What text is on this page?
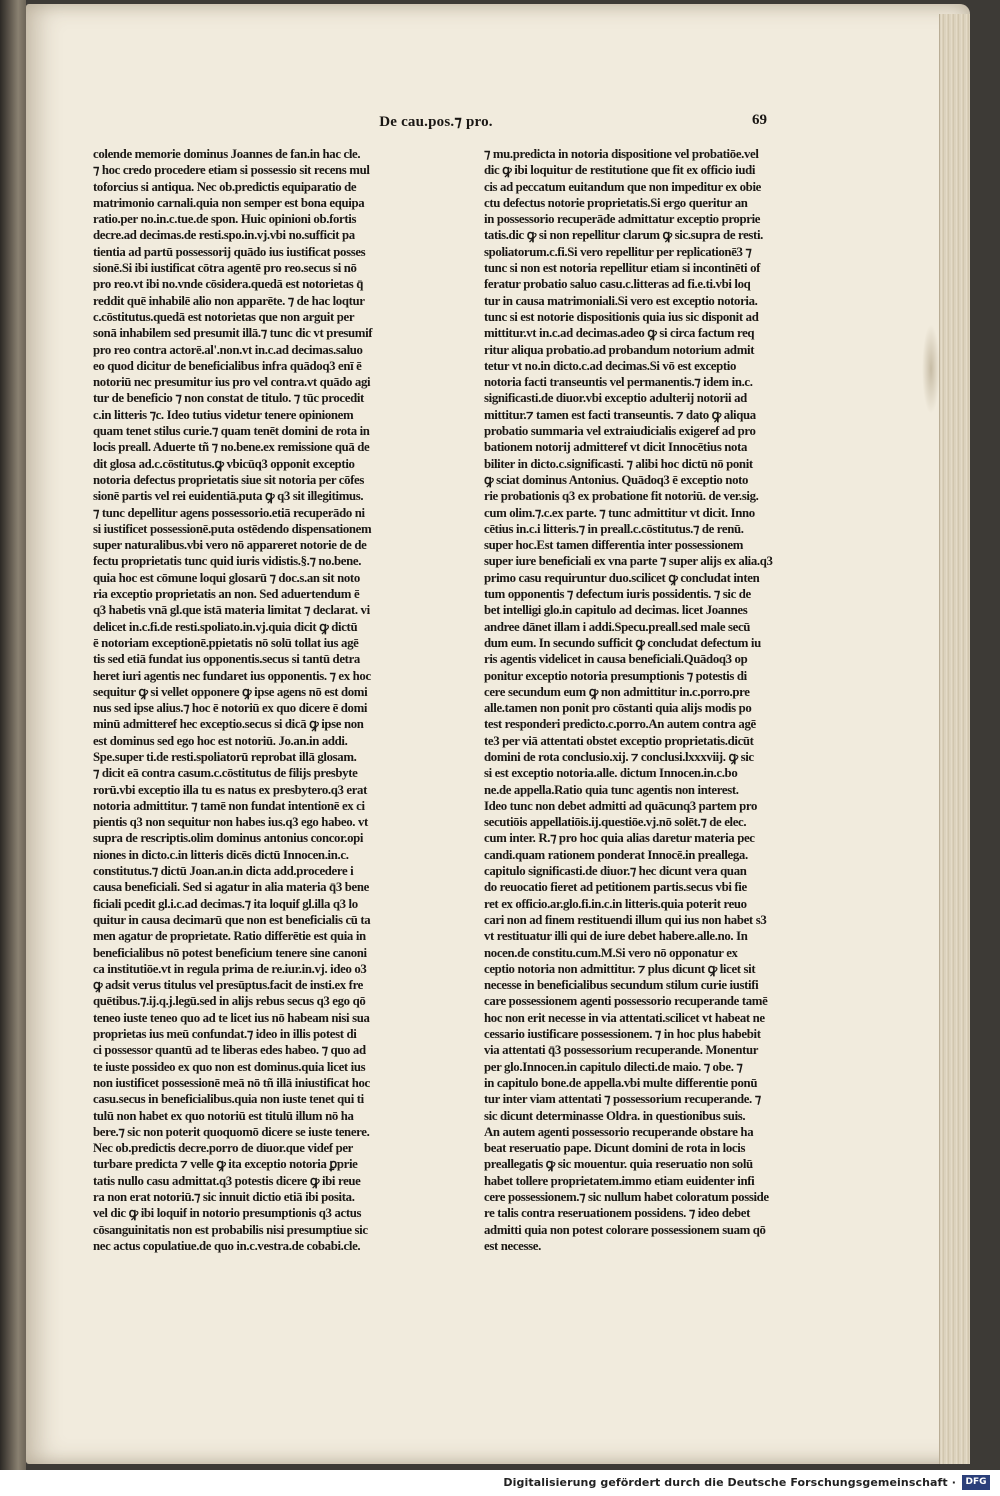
De cau.pos.⁊ pro.	69
colende memorie dominus Joannes de fan.in hac cle.
⁊ hoc credo procedere etiam si possessio sit recens mul
toforcius si antiqua. Nec ob.predictis equiparatio de
matrimonio carnali.quia non semper est bona equipa
ratio.per no.in.c.tue.de spon. Huic opinioni ob.fortis
decre.ad decimas.de resti.spo.in.vj.vbi no.sufficit pa
tientia ad partū possessorij quādo ius iustificat posses
sionē.Si ibi iustificat cōtra agentē pro reo.secus si nō
pro reo.vt ibi no.vnde cōsidera.quedā est notorietas q̄
reddit quē inhabilē alio non apparēte. ⁊ de hac loqtur
c.cōstitutus.quedā est notorietas que non arguit per
sonā inhabilem sed presumit illā.⁊ tunc dic vt presumif
pro reo contra actorē.al'.non.vt in.c.ad decimas.saluo
eo quod dicitur de beneficialibus infra quādoq3 enī ē
notoriū nec presumitur ius pro vel contra.vt quādo agi
tur de beneficio ⁊ non constat de titulo. ⁊ tūc procedit
c.in litteris ⁊c. Ideo tutius videtur tenere opinionem
quam tenet stilus curie.⁊ quam tenēt domini de rota in
locis preall. Aduerte tñ ⁊ no.bene.ex remissione quā de
dit glosa ad.c.cōstitutus.ꝙ vbicūq3 opponit exceptio
notoria defectus proprietatis siue sit notoria per cōfes
sionē partis vel rei euidentiā.puta ꝙ q3 sit illegitimus.
⁊ tunc depellitur agens possessorio.etiā recuperādo ni
si iustificet possessionē.puta ostēdendo dispensationem
super naturalibus.vbi vero nō appareret notorie de de
fectu proprietatis tunc quid iuris vidistis.§.⁊ no.bene.
quia hoc est cōmune loqui glosarū ⁊ doc.s.an sit noto
ria exceptio proprietatis an non. Sed aduertendum ē
q3 habetis vnā gl.que istā materia limitat ⁊ declarat. vi
delicet in.c.fi.de resti.spoliato.in.vj.quia dicit ꝙ dictū
ē notoriam exceptionē.ppietatis nō solū tollat ius agē
tis sed etiā fundat ius opponentis.secus si tantū detra
heret iuri agentis nec fundaret ius opponentis. ⁊ ex hoc
sequitur ꝙ si vellet opponere ꝙ ipse agens nō est domi
nus sed ipse alius.⁊ hoc ē notoriū ex quo dicere ē domi
minū admitteref hec exceptio.secus si dicā ꝙ ipse non
est dominus sed ego hoc est notoriū. Jo.an.in addi.
Spe.super ti.de resti.spoliatorū reprobat illā glosam.
⁊ dicit eā contra casum.c.cōstitutus de filijs presbyte
rorū.vbi exceptio illa tu es natus ex presbytero.q3 erat
notoria admittitur. ⁊ tamē non fundat intentionē ex ci
pientis q3 non sequitur non habes ius.q3 ego habeo. vt
supra de rescriptis.olim dominus antonius concor.opi
niones in dicto.c.in litteris dicēs dictū Innocen.in.c.
constitutus.⁊ dictū Joan.an.in dicta add.procedere i
causa beneficiali. Sed si agatur in alia materia q̄3 bene
ficiali pcedit gl.i.c.ad decimas.⁊ ita loquif gl.illa q3 lo
quitur in causa decimarū que non est beneficialis cū ta
men agatur de proprietate. Ratio differētie est quia in
beneficialibus nō potest beneficium tenere sine canoni
ca institutiōe.vt in regula prima de re.iur.in.vj. ideo o3
ꝙ adsit verus titulus vel presūptus.facit de insti.ex fre
quētibus.⁊.ij.q.j.legū.sed in alijs rebus secus q3 ego qō
teneo iuste teneo quo ad te licet ius nō habeam nisi sua
proprietas ius meū confundat.⁊ ideo in illis potest di
ci possessor quantū ad te liberas edes habeo. ⁊ quo ad
te iuste possideo ex quo non est dominus.quia licet ius
non iustificet possessionē meā nō tñ illā iniustificat hoc
casu.secus in beneficialibus.quia non iuste tenet qui ti
tulū non habet ex quo notoriū est titulū illum nō ha
bere.⁊ sic non poterit quoquomō dicere se iuste tenere.
Nec ob.predictis decre.porro de diuor.que videf per
turbare predicta ⁊ velle ꝙ ita exceptio notoria ꝑprie
tatis nullo casu admittat.q3 potestis dicere ꝙ ibi reue
ra non erat notoriū.⁊ sic innuit dictio etiā ibi posita.
vel dic ꝙ ibi loquif in notorio presumptionis q3 actus
cōsanguinitatis non est probabilis nisi presumptiue sic
nec actus copulatiue.de quo in.c.vestra.de cobabi.cle.
⁊ mu.predicta in notoria dispositione vel probatiōe.vel
dic ꝙ ibi loquitur de restitutione que fit ex officio iudi
cis ad peccatum euitandum que non impeditur ex obie
ctu defectus notorie proprietatis.Si ergo queritur an
in possessorio recuperāde admittatur exceptio proprie
tatis.dic ꝙ si non repellitur clarum ꝙ sic.supra de resti.
spoliatorum.c.fi.Si vero repellitur per replicationē3 ⁊
tunc si non est notoria repellitur etiam si incontinēti of
feratur probatio saluo casu.c.litteras ad fi.e.ti.vbi loq
tur in causa matrimoniali.Si vero est exceptio notoria.
tunc si est notorie dispositionis quia ius sic disponit ad
mittitur.vt in.c.ad decimas.adeo ꝙ si circa factum req
ritur aliqua probatio.ad probandum notorium admit
tetur vt no.in dicto.c.ad decimas.Si vō est exceptio
notoria facti transeuntis vel permanentis.⁊ idem in.c.
significasti.de diuor.vbi exceptio adulterij notorii ad
mittitur.⁊ tamen est facti transeuntis. ⁊ dato ꝙ aliqua
probatio summaria vel extraiudicialis exigeref ad pro
bationem notorij admitteref vt dicit Innocētius nota
biliter in dicto.c.significasti. ⁊ alibi hoc dictū nō ponit
ꝙ sciat dominus Antonius. Quādoq3 ē exceptio noto
rie probationis q3 ex probatione fit notoriū. de ver.sig.
cum olim.⁊.c.ex parte. ⁊ tunc admittitur vt dicit. Inno
cētius in.c.i litteris.⁊ in preall.c.cōstitutus.⁊ de renū.
super hoc.Est tamen differentia inter possessionem
super iure beneficiali ex vna parte ⁊ super alijs ex alia.q3
primo casu requiruntur duo.scilicet ꝙ concludat inten
tum opponentis ⁊ defectum iuris possidentis. ⁊ sic de
bet intelligi glo.in capitulo ad decimas. licet Joannes
andree dānet illam i addi.Specu.preall.sed male secū
dum eum. In secundo sufficit ꝙ concludat defectum iu
ris agentis videlicet in causa beneficiali.Quādoq3 op
ponitur exceptio notoria presumptionis ⁊ potestis di
cere secundum eum ꝙ non admittitur in.c.porro.pre
alle.tamen non ponit pro cōstanti quia alijs modis po
test responderi predicto.c.porro.An autem contra agē
te3 per viā attentati obstet exceptio proprietatis.dicūt
domini de rota conclusio.xij. ⁊ conclusi.lxxxviij. ꝙ sic
si est exceptio notoria.alle. dictum Innocen.in.c.bo
ne.de appella.Ratio quia tunc agentis non interest.
Ideo tunc non debet admitti ad quācunq3 partem pro
secutiōis appellatiōis.ij.questiōe.vj.nō solēt.⁊ de elec.
cum inter. R.⁊ pro hoc quia alias daretur materia pec
candi.quam rationem ponderat Innocē.in preallega.
capitulo significasti.de diuor.⁊ hec dicunt vera quan
do reuocatio fieret ad petitionem partis.secus vbi fie
ret ex officio.ar.glo.fi.in.c.in litteris.quia poterit reuo
cari non ad finem restituendi illum qui ius non habet s3
vt restituatur illi qui de iure debet habere.alle.no. In
nocen.de constitu.cum.M.Si vero nō opponatur ex
ceptio notoria non admittitur. ⁊ plus dicunt ꝙ licet sit
necesse in beneficialibus secundum stilum curie iustifi
care possessionem agenti possessorio recuperande tamē
hoc non erit necesse in via attentati.scilicet vt habeat ne
cessario iustificare possessionem. ⁊ in hoc plus habebit
via attentati q̄3 possessorium recuperande. Monentur
per glo.Innocen.in capitulo dilecti.de maio. ⁊ obe. ⁊
in capitulo bone.de appella.vbi multe differentie ponū
tur inter viam attentati ⁊ possessorium recuperande. ⁊
sic dicunt determinasse Oldra. in questionibus suis.
An autem agenti possessorio recuperande obstare ha
beat reseruatio pape. Dicunt domini de rota in locis
preallegatis ꝙ sic mouentur. quia reseruatio non solū
habet tollere proprietatem.immo etiam euidenter infi
cere possessionem.⁊ sic nullum habet coloratum posside
re talis contra reseruationem possidens. ⁊ ideo debet
admitti quia non potest colorare possessionem suam qō
est necesse.
Digitalisierung gefördert durch die Deutsche Forschungsgemeinschaft ·	DFG
